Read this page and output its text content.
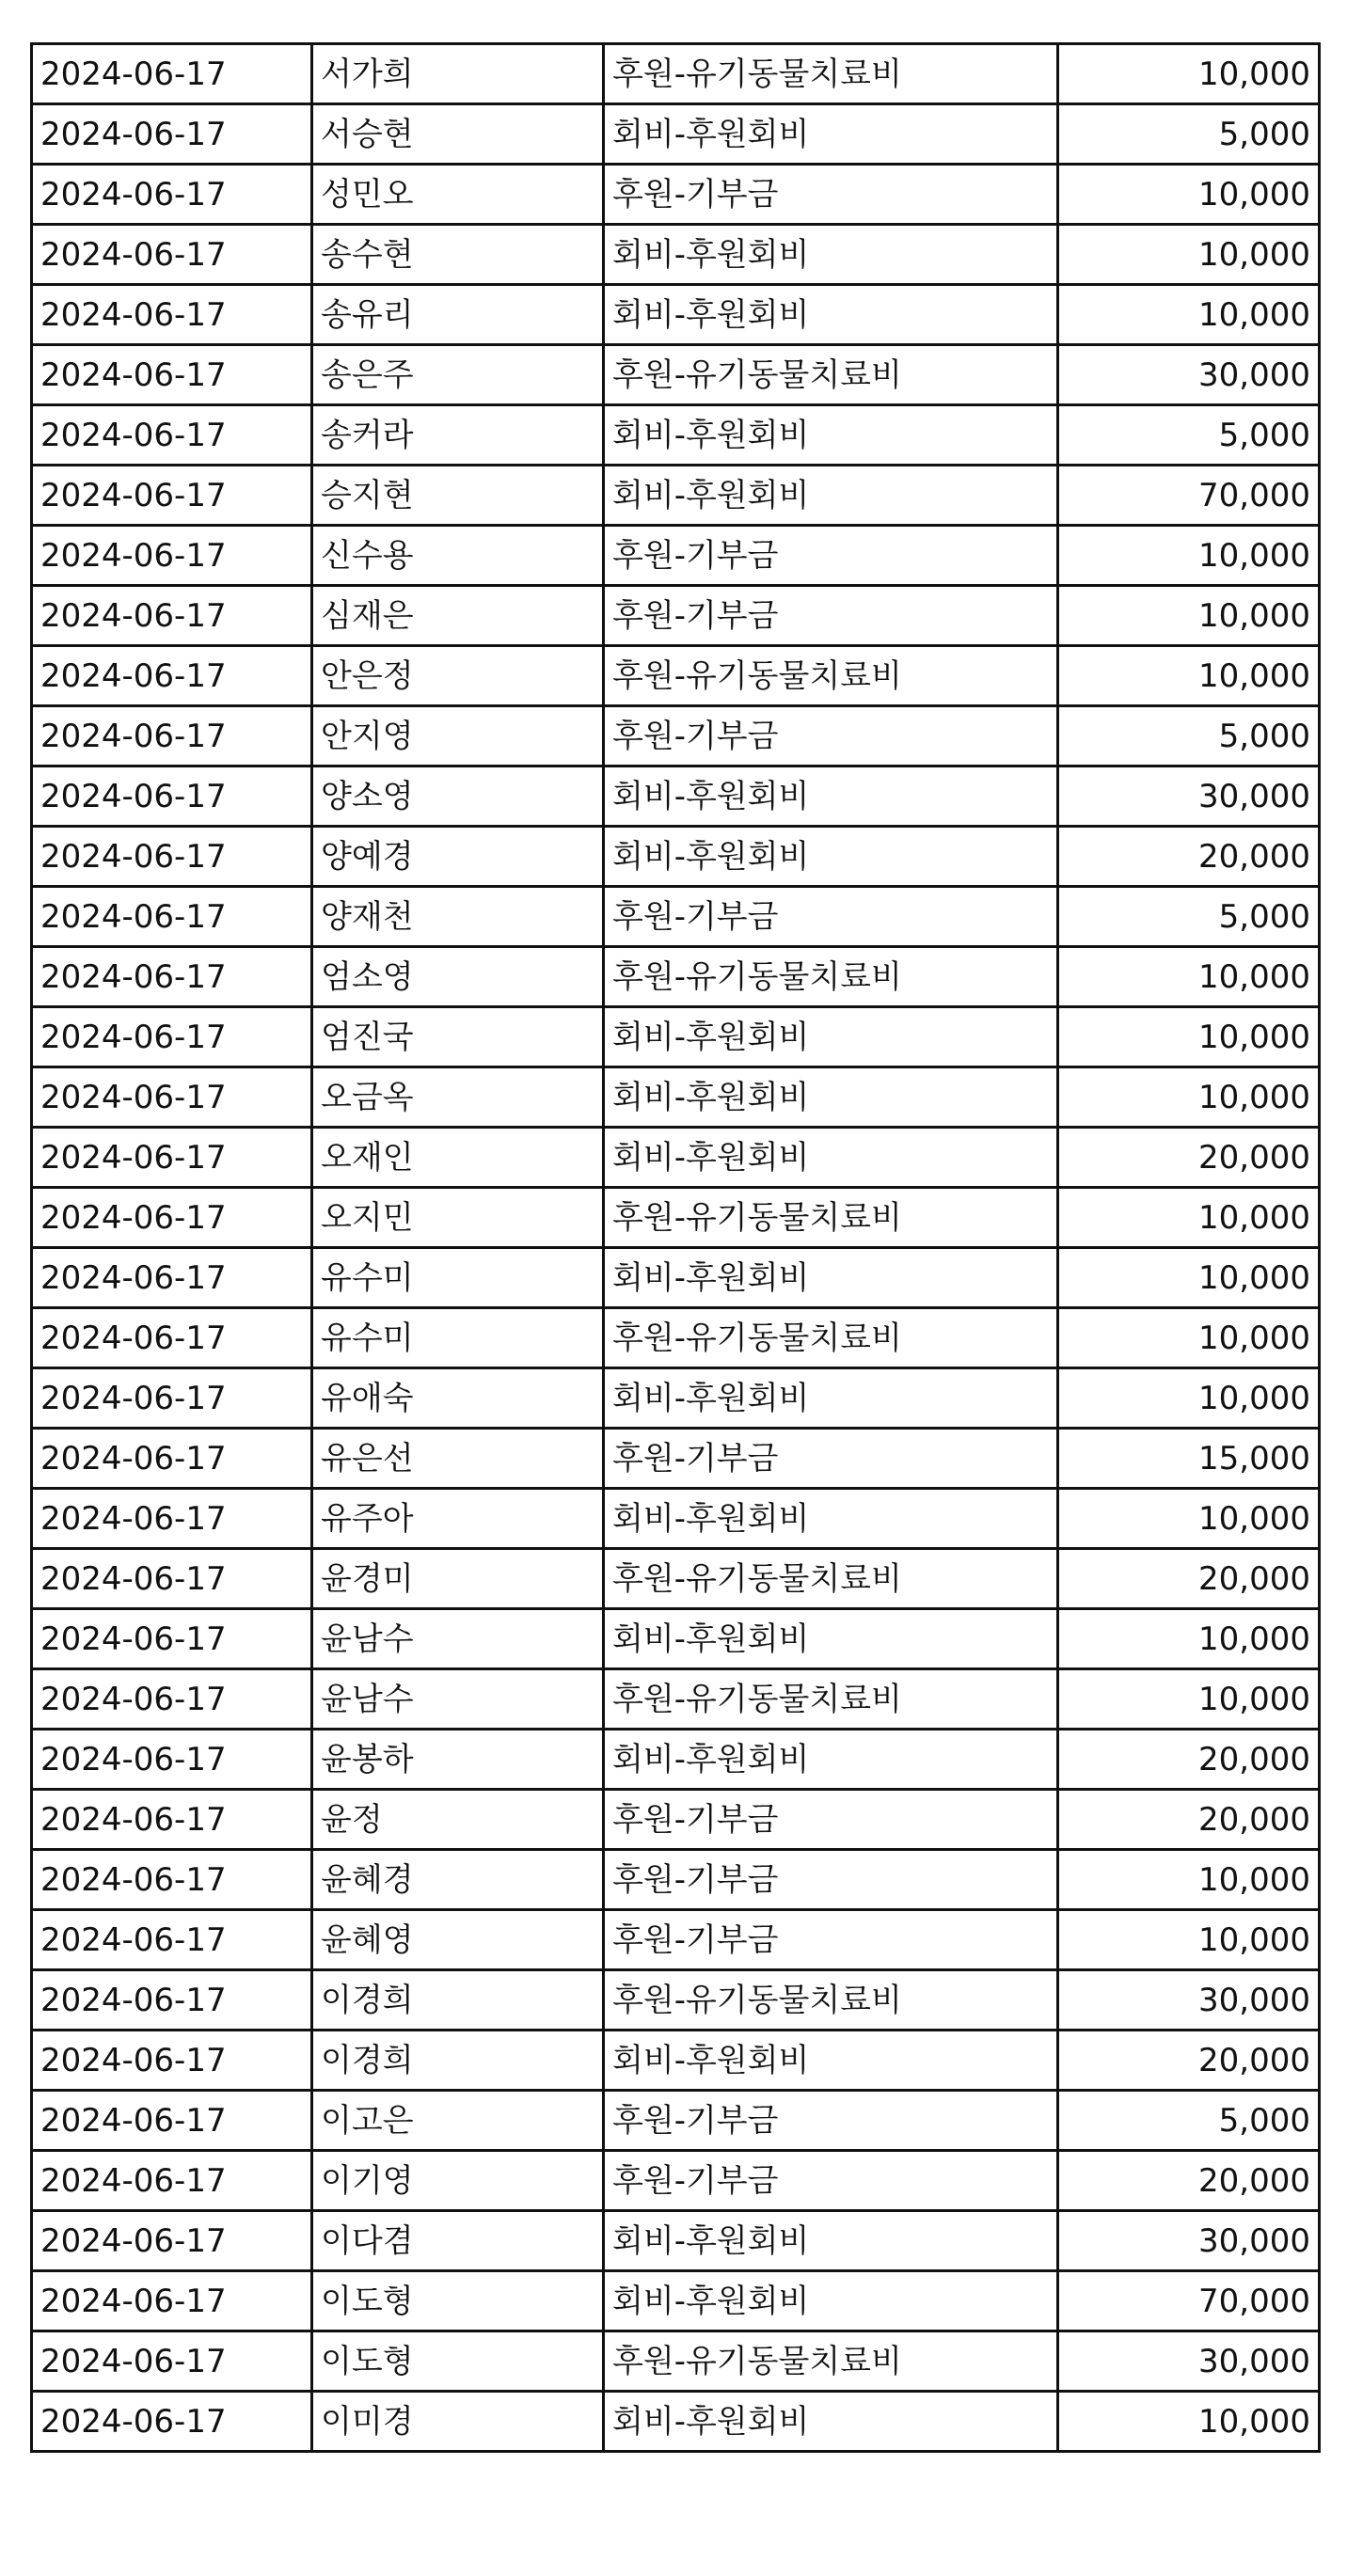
2024-06-17	서가희	후원-유기동물치료비	10,000
2024-06-17	서승현	회비-후원회비	5,000
2024-06-17	성민오	후원-기부금	10,000
2024-06-17	송수현	회비-후원회비	10,000
2024-06-17	송유리	회비-후원회비	10,000
2024-06-17	송은주	후원-유기동물치료비	30,000
2024-06-17	송커라	회비-후원회비	5,000
2024-06-17	승지현	회비-후원회비	70,000
2024-06-17	신수용	후원-기부금	10,000
2024-06-17	심재은	후원-기부금	10,000
2024-06-17	안은정	후원-유기동물치료비	10,000
2024-06-17	안지영	후원-기부금	5,000
2024-06-17	양소영	회비-후원회비	30,000
2024-06-17	양예경	회비-후원회비	20,000
2024-06-17	양재천	후원-기부금	5,000
2024-06-17	엄소영	후원-유기동물치료비	10,000
2024-06-17	엄진국	회비-후원회비	10,000
2024-06-17	오금옥	회비-후원회비	10,000
2024-06-17	오재인	회비-후원회비	20,000
2024-06-17	오지민	후원-유기동물치료비	10,000
2024-06-17	유수미	회비-후원회비	10,000
2024-06-17	유수미	후원-유기동물치료비	10,000
2024-06-17	유애숙	회비-후원회비	10,000
2024-06-17	유은선	후원-기부금	15,000
2024-06-17	유주아	회비-후원회비	10,000
2024-06-17	윤경미	후원-유기동물치료비	20,000
2024-06-17	윤남수	회비-후원회비	10,000
2024-06-17	윤남수	후원-유기동물치료비	10,000
2024-06-17	윤봉하	회비-후원회비	20,000
2024-06-17	윤정	후원-기부금	20,000
2024-06-17	윤혜경	후원-기부금	10,000
2024-06-17	윤혜영	후원-기부금	10,000
2024-06-17	이경희	후원-유기동물치료비	30,000
2024-06-17	이경희	회비-후원회비	20,000
2024-06-17	이고은	후원-기부금	5,000
2024-06-17	이기영	후원-기부금	20,000
2024-06-17	이다겸	회비-후원회비	30,000
2024-06-17	이도형	회비-후원회비	70,000
2024-06-17	이도형	후원-유기동물치료비	30,000
2024-06-17	이미경	회비-후원회비	10,000
